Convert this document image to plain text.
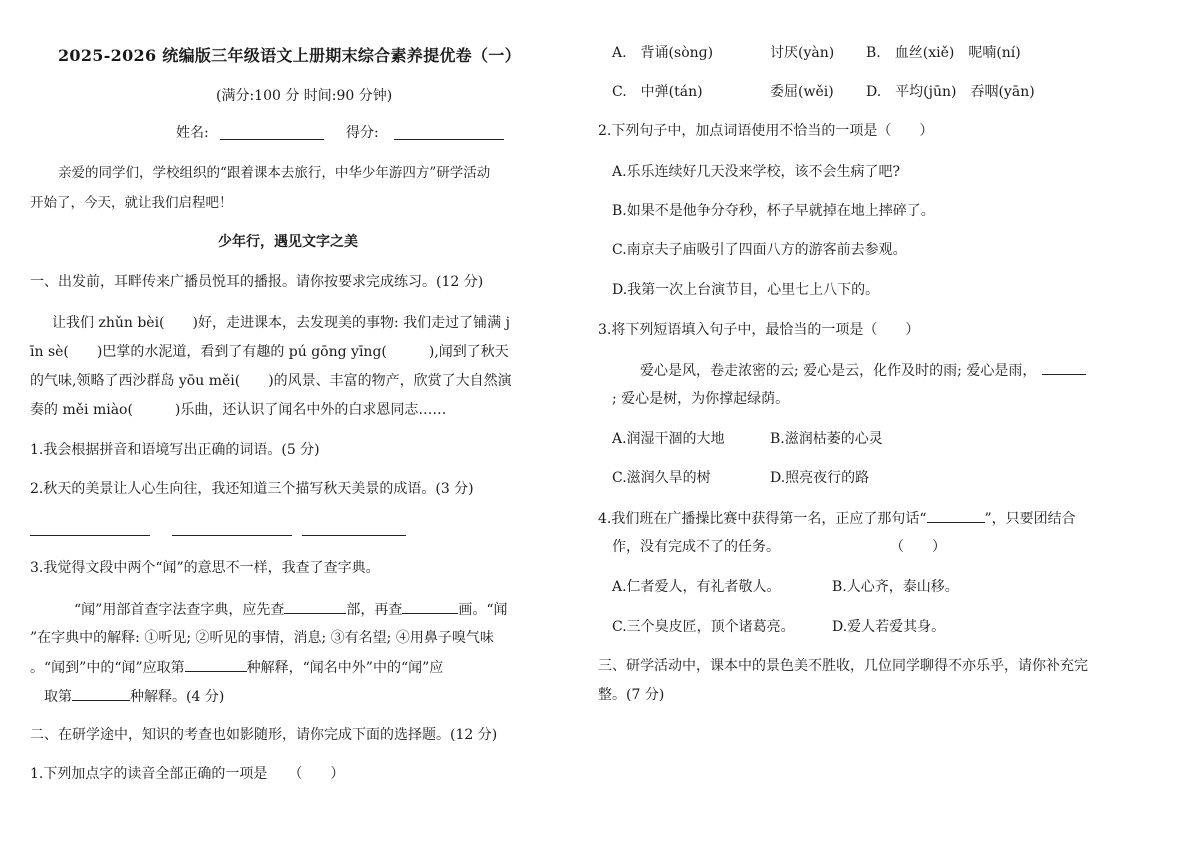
2025-2026 统编版三年级语文上册期末综合素养提优卷（一）
(满分:100 分 时间:90 分钟)
姓名:	得分:
亲爱的同学们，学校组织的“跟着课本去旅行，中华少年游四方”研学活动
开始了，今天，就让我们启程吧！
少年行，遇见文字之美
一、出发前，耳畔传来广播员悦耳的播报。请你按要求完成练习。(12 分)
让我们 zhǔn bèi(　　)好，走进课本，去发现美的事物: 我们走过了铺满 j
īn sè(　　)巴掌的水泥道，看到了有趣的 pú gōng yīng(　　　),闻到了秋天
的气味,领略了西沙群岛 yōu měi(　　)的风景、丰富的物产，欣赏了大自然演
奏的 měi miào(　　　)乐曲，还认识了闻名中外的白求恩同志……
1.我会根据拼音和语境写出正确的词语。(5 分)
2.秋天的美景让人心生向往，我还知道三个描写秋天美景的成语。(3 分)
3.我觉得文段中两个“闻”的意思不一样，我查了查字典。
“闻”用部首查字法查字典，应先查	部，再查	画。“闻
”在字典中的解释: ①听见; ②听见的事情，消息; ③有名望; ④用鼻子嗅气味
。“闻到”中的“闻”应取第	种解释，“闻名中外”中的“闻”应
取第	种解释。(4 分)
二、在研学途中，知识的考查也如影随形，请你完成下面的选择题。(12 分)
1.下列加点字的读音全部正确的一项是　　（　　）
A.　背诵(sònɡ)	讨厌(yàn) B.　血丝(xiě)　呢喃(ní)
C.　中弹(tán)	委屈(wěi) D.　平均(jūn)　吞咽(yān)
2.下列句子中，加点词语使用不恰当的一项是（　　）
A.乐乐连续好几天没来学校，该不会生病了吧?
B.如果不是他争分夺秒，杯子早就掉在地上摔碎了。
C.南京夫子庙吸引了四面八方的游客前去参观。
D.我第一次上台演节目，心里七上八下的。
3.将下列短语填入句子中，最恰当的一项是（　　）
爱心是风，卷走浓密的云; 爱心是云，化作及时的雨; 爱心是雨，
; 爱心是树，为你撑起绿荫。
A.润湿干涸的大地	B.滋润枯萎的心灵
C.滋润久旱的树	D.照亮夜行的路
4.我们班在广播操比赛中获得第一名，正应了那句话“	”，只要团结合
作，没有完成不了的任务。	（　　）
A.仁者爱人，有礼者敬人。	B.人心齐，泰山移。
C.三个臭皮匠，顶个诸葛亮。	D.爱人若爱其身。
三、研学活动中，课本中的景色美不胜收，几位同学聊得不亦乐乎，请你补充完
整。(7 分)
